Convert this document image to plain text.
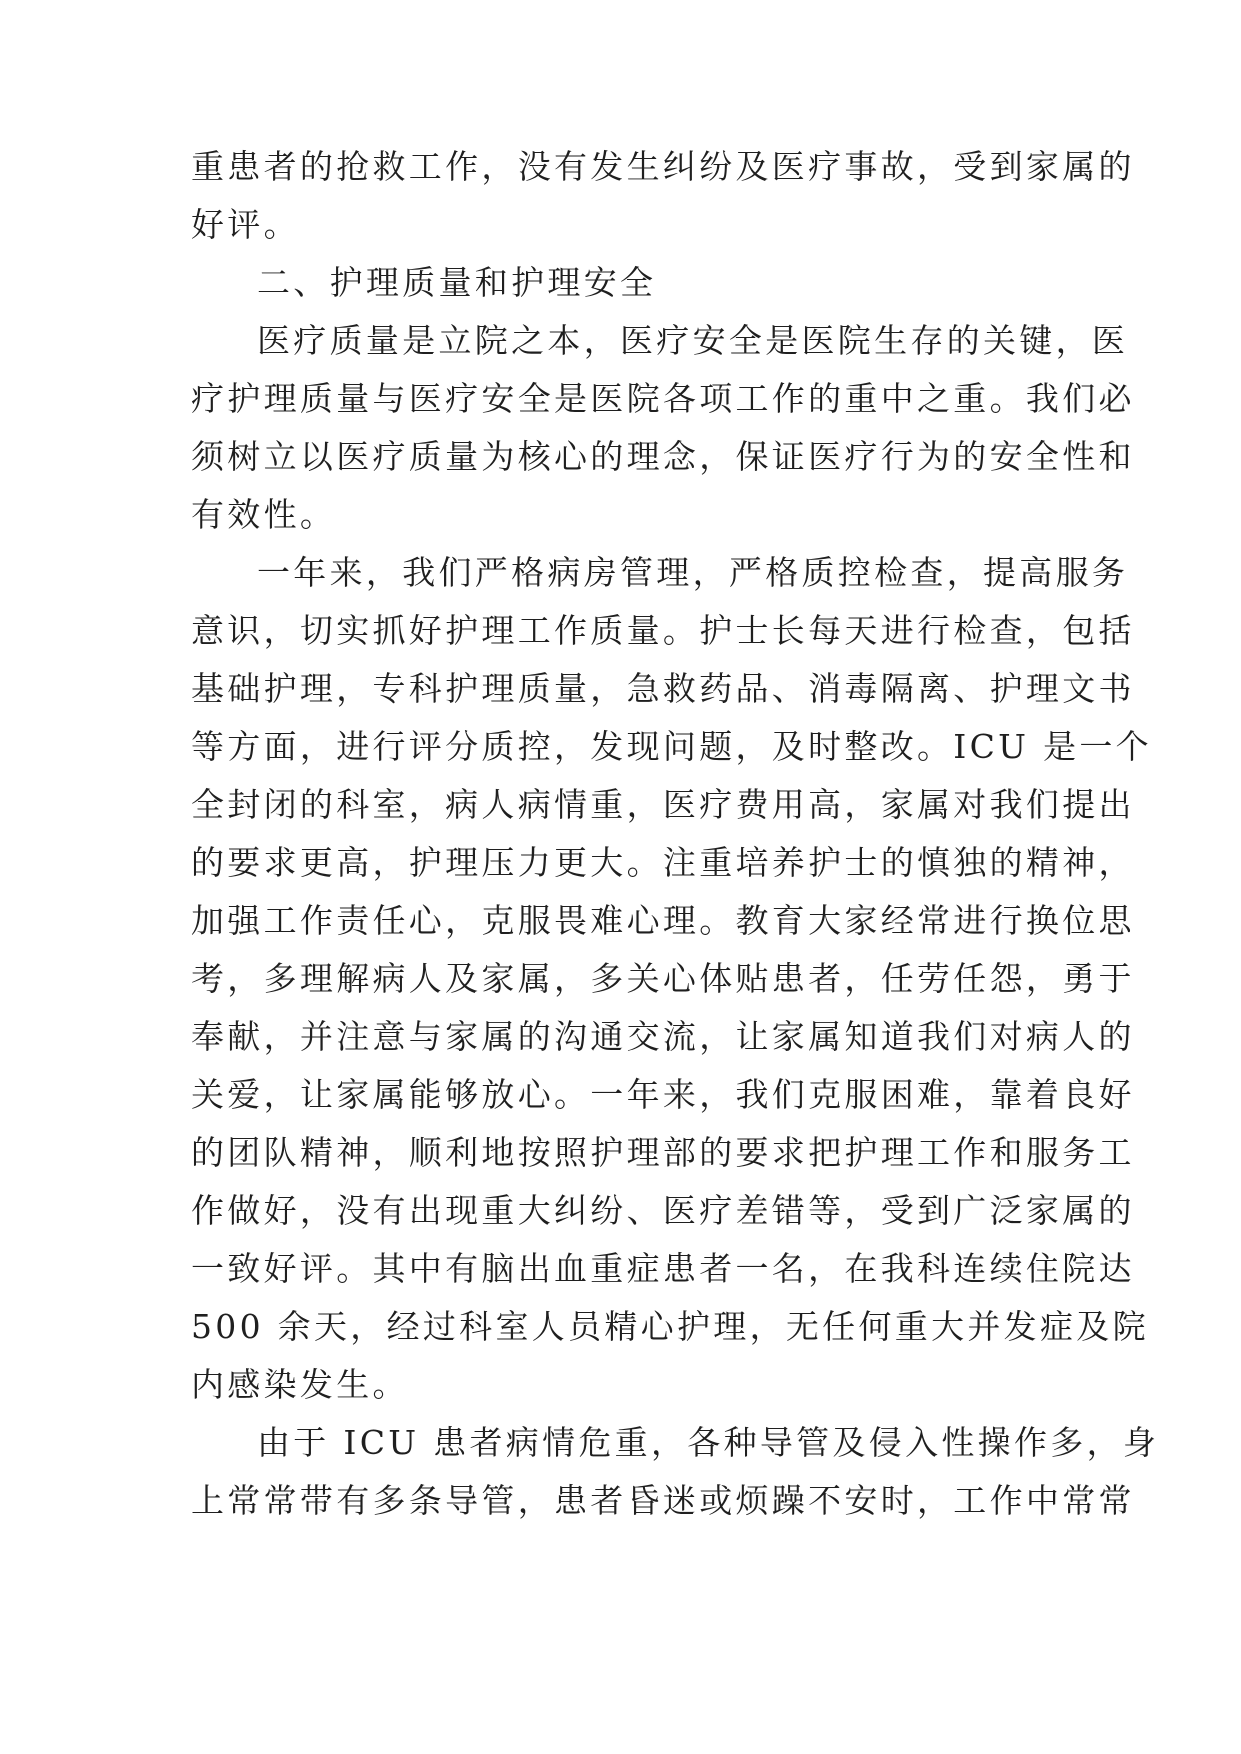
重患者的抢救工作，没有发生纠纷及医疗事故，受到家属的
好评。
二、护理质量和护理安全
医疗质量是立院之本，医疗安全是医院生存的关键，医
疗护理质量与医疗安全是医院各项工作的重中之重。我们必
须树立以医疗质量为核心的理念，保证医疗行为的安全性和
有效性。
一年来，我们严格病房管理，严格质控检查，提高服务
意识，切实抓好护理工作质量。护士长每天进行检查，包括
基础护理，专科护理质量，急救药品、消毒隔离、护理文书
等方面，进行评分质控，发现问题，及时整改。ICU 是一个
全封闭的科室，病人病情重，医疗费用高，家属对我们提出
的要求更高，护理压力更大。注重培养护士的慎独的精神，
加强工作责任心，克服畏难心理。教育大家经常进行换位思
考，多理解病人及家属，多关心体贴患者，任劳任怨，勇于
奉献，并注意与家属的沟通交流，让家属知道我们对病人的
关爱，让家属能够放心。一年来，我们克服困难，靠着良好
的团队精神，顺利地按照护理部的要求把护理工作和服务工
作做好，没有出现重大纠纷、医疗差错等，受到广泛家属的
一致好评。其中有脑出血重症患者一名，在我科连续住院达
500 余天，经过科室人员精心护理，无任何重大并发症及院
内感染发生。
由于 ICU 患者病情危重，各种导管及侵入性操作多，身
上常常带有多条导管，患者昏迷或烦躁不安时，工作中常常
